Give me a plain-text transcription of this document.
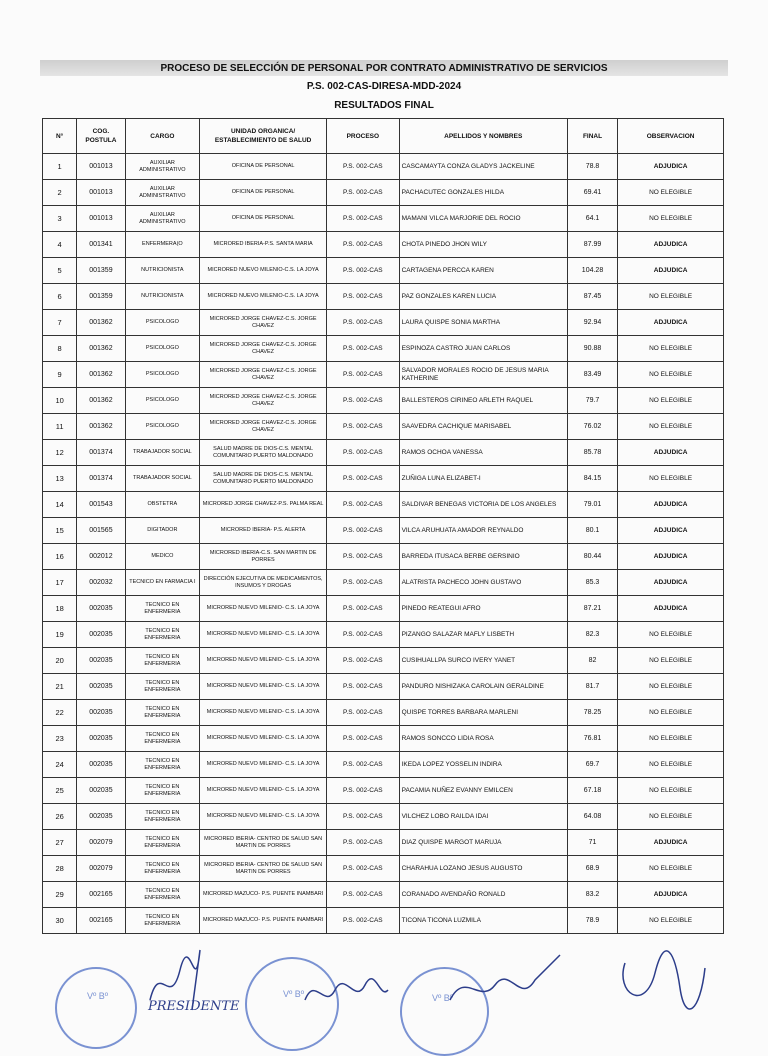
PROCESO DE SELECCIÓN DE PERSONAL POR CONTRATO ADMINISTRATIVO DE SERVICIOS
P.S. 002-CAS-DIRESA-MDD-2024
RESULTADOS FINAL
N°	COG. POSTULA	CARGO	UNIDAD ORGANICA/ ESTABLECIMIENTO DE SALUD	PROCESO	APELLIDOS Y NOMBRES	FINAL	OBSERVACION
1	001013	AUXILIAR ADMINISTRATIVO	OFICINA DE PERSONAL	P.S. 002-CAS	CASCAMAYTA CONZA GLADYS JACKELINE	78.8	ADJUDICA
2	001013	AUXILIAR ADMINISTRATIVO	OFICINA DE PERSONAL	P.S. 002-CAS	PACHACUTEC GONZALES HILDA	69.41	NO ELEGIBLE
3	001013	AUXILIAR ADMINISTRATIVO	OFICINA DE PERSONAL	P.S. 002-CAS	MAMANI VILCA MARJORIE DEL ROCIO	64.1	NO ELEGIBLE
4	001341	ENFERMERA(O	MICRORED IBERIA-P.S. SANTA MARIA	P.S. 002-CAS	CHOTA PINEDO JHON WILY	87.99	ADJUDICA
5	001359	NUTRICIONISTA	MICRORED NUEVO MILENIO-C.S. LA JOYA	P.S. 002-CAS	CARTAGENA PERCCA KAREN	104.28	ADJUDICA
6	001359	NUTRICIONISTA	MICRORED NUEVO MILENIO-C.S. LA JOYA	P.S. 002-CAS	PAZ GONZALES KAREN LUCIA	87.45	NO ELEGIBLE
7	001362	PSICOLOGO	MICRORED JORGE CHAVEZ-C.S. JORGE CHAVEZ	P.S. 002-CAS	LAURA QUISPE SONIA MARTHA	92.94	ADJUDICA
8	001362	PSICOLOGO	MICRORED JORGE CHAVEZ-C.S. JORGE CHAVEZ	P.S. 002-CAS	ESPINOZA CASTRO JUAN CARLOS	90.88	NO ELEGIBLE
9	001362	PSICOLOGO	MICRORED JORGE CHAVEZ-C.S. JORGE CHAVEZ	P.S. 002-CAS	SALVADOR MORALES ROCIO DE JESUS MARIA KATHERINE	83.49	NO ELEGIBLE
10	001362	PSICOLOGO	MICRORED JORGE CHAVEZ-C.S. JORGE CHAVEZ	P.S. 002-CAS	BALLESTEROS CIRINEO ARLETH RAQUEL	79.7	NO ELEGIBLE
11	001362	PSICOLOGO	MICRORED JORGE CHAVEZ-C.S. JORGE CHAVEZ	P.S. 002-CAS	SAAVEDRA CACHIQUE MARISABEL	76.02	NO ELEGIBLE
12	001374	TRABAJADOR SOCIAL	SALUD MADRE DE DIOS-C.S. MENTAL COMUNITARIO PUERTO MALDONADO	P.S. 002-CAS	RAMOS OCHOA VANESSA	85.78	ADJUDICA
13	001374	TRABAJADOR SOCIAL	SALUD MADRE DE DIOS-C.S. MENTAL COMUNITARIO PUERTO MALDONADO	P.S. 002-CAS	ZUÑIGA LUNA ELIZABET-I	84.15	NO ELEGIBLE
14	001543	OBSTETRA	MICRORED JORGE CHAVEZ-P.S. PALMA REAL	P.S. 002-CAS	SALDIVAR BENEGAS VICTORIA DE LOS ANGELES	79.01	ADJUDICA
15	001565	DIGITADOR	MICRORED IBERIA- P.S. ALERTA	P.S. 002-CAS	VILCA ARUHUATA AMADOR REYNALDO	80.1	ADJUDICA
16	002012	MEDICO	MICRORED IBERIA-C.S. SAN MARTIN DE PORRES	P.S. 002-CAS	BARREDA ITUSACA BERBE GERSINIO	80.44	ADJUDICA
17	002032	TECNICO EN FARMACIA I	DIRECCIÓN EJECUTIVA DE MEDICAMENTOS, INSUMOS Y DROGAS	P.S. 002-CAS	ALATRISTA PACHECO JOHN GUSTAVO	85.3	ADJUDICA
18	002035	TECNICO EN ENFERMERIA	MICRORED NUEVO MILENIO- C.S. LA JOYA	P.S. 002-CAS	PINEDO REATEGUI AFRO	87.21	ADJUDICA
19	002035	TECNICO EN ENFERMERIA	MICRORED NUEVO MILENIO- C.S. LA JOYA	P.S. 002-CAS	PIZANGO SALAZAR MAFLY LISBETH	82.3	NO ELEGIBLE
20	002035	TECNICO EN ENFERMERIA	MICRORED NUEVO MILENIO- C.S. LA JOYA	P.S. 002-CAS	CUSIHUALLPA SURCO IVERY YANET	82	NO ELEGIBLE
21	002035	TECNICO EN ENFERMERIA	MICRORED NUEVO MILENIO- C.S. LA JOYA	P.S. 002-CAS	PANDURO NISHIZAKA CAROLAIN GERALDINE	81.7	NO ELEGIBLE
22	002035	TECNICO EN ENFERMERIA	MICRORED NUEVO MILENIO- C.S. LA JOYA	P.S. 002-CAS	QUISPE TORRES BARBARA MARLENI	78.25	NO ELEGIBLE
23	002035	TECNICO EN ENFERMERIA	MICRORED NUEVO MILENIO- C.S. LA JOYA	P.S. 002-CAS	RAMOS SONCCO LIDIA ROSA	76.81	NO ELEGIBLE
24	002035	TECNICO EN ENFERMERIA	MICRORED NUEVO MILENIO- C.S. LA JOYA	P.S. 002-CAS	IKEDA LOPEZ YOSSELIN INDIRA	69.7	NO ELEGIBLE
25	002035	TECNICO EN ENFERMERIA	MICRORED NUEVO MILENIO- C.S. LA JOYA	P.S. 002-CAS	PACAMIA NUÑEZ EVANNY EMILCEN	67.18	NO ELEGIBLE
26	002035	TECNICO EN ENFERMERIA	MICRORED NUEVO MILENIO- C.S. LA JOYA	P.S. 002-CAS	VILCHEZ LOBO RAILDA IDAI	64.08	NO ELEGIBLE
27	002079	TECNICO EN ENFERMERIA	MICRORED IBERIA- CENTRO DE SALUD SAN MARTIN DE PORRES	P.S. 002-CAS	DIAZ QUISPE MARGOT MARUJA	71	ADJUDICA
28	002079	TECNICO EN ENFERMERIA	MICRORED IBERIA- CENTRO DE SALUD SAN MARTIN DE PORRES	P.S. 002-CAS	CHARAHUA LOZANO JESUS AUGUSTO	68.9	NO ELEGIBLE
29	002165	TECNICO EN ENFERMERIA	MICRORED MAZUCO- P.S. PUENTE INAMBARI	P.S. 002-CAS	CORANADO AVENDAÑO RONALD	83.2	ADJUDICA
30	002165	TECNICO EN ENFERMERIA	MICRORED MAZUCO- P.S. PUENTE INAMBARI	P.S. 002-CAS	TICONA TICONA LUZMILA	78.9	NO ELEGIBLE
Vº Bº
PRESIDENTE
Vº Bº	Vº Bº
